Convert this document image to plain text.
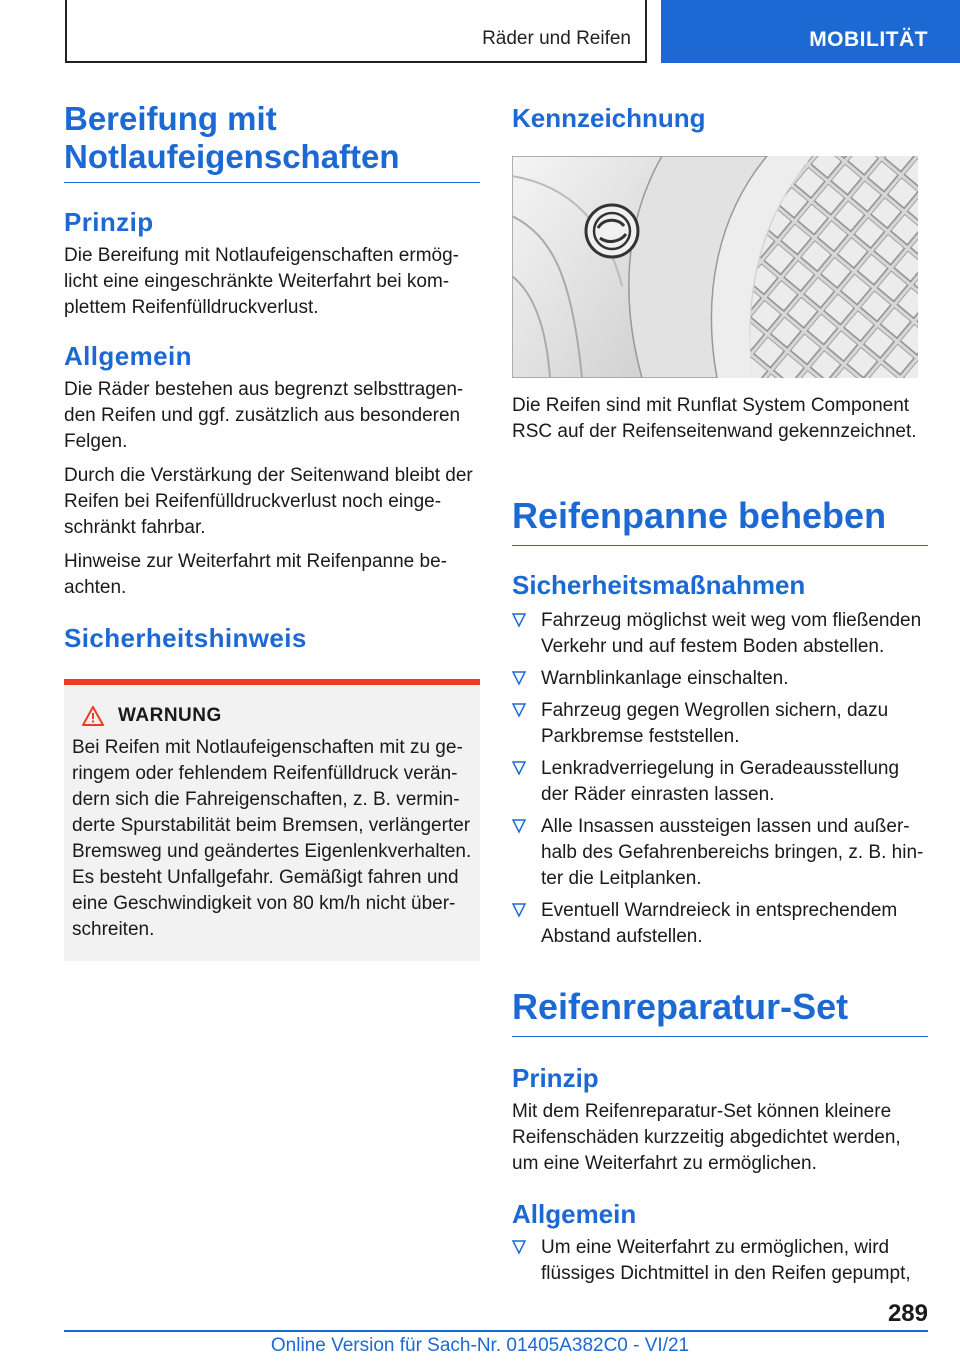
Räder und Reifen	MOBILITÄT
Bereifung mit Notlaufeigenschaften
Prinzip

Die Bereifung mit Notlaufeigenschaften ermöglicht eine eingeschränkte Weiterfahrt bei komplettem Reifenfülldruckverlust.

Allgemein

Die Räder bestehen aus begrenzt selbsttragenden Reifen und ggf. zusätzlich aus besonderen Felgen.

Durch die Verstärkung der Seitenwand bleibt der Reifen bei Reifenfülldruckverlust noch eingeschränkt fahrbar.

Hinweise zur Weiterfahrt mit Reifenpanne beachten.

Sicherheitshinweis
WARNUNG

Bei Reifen mit Notlaufeigenschaften mit zu geringem oder fehlendem Reifenfülldruck verändern sich die Fahreigenschaften, z. B. verminderte Spurstabilität beim Bremsen, verlängerter Bremsweg und geändertes Eigenlenkverhalten. Es besteht Unfallgefahr. Gemäßigt fahren und eine Geschwindigkeit von 80 km/h nicht überschreiten.

Kennzeichnung

Die Reifen sind mit Runflat System Component RSC auf der Reifenseitenwand gekennzeichnet.

Reifenpanne beheben
Sicherheitsmaßnahmen
Fahrzeug möglichst weit weg vom fließenden Verkehr und auf festem Boden abstellen.
Warnblinkanlage einschalten.
Fahrzeug gegen Wegrollen sichern, dazu Parkbremse feststellen.
Lenkradverriegelung in Geradeausstellung der Räder einrasten lassen.
Alle Insassen aussteigen lassen und außerhalb des Gefahrenbereichs bringen, z. B. hinter die Leitplanken.
Eventuell Warndreieck in entsprechendem Abstand aufstellen.
Reifenreparatur-Set
Prinzip

Mit dem Reifenreparatur-Set können kleinere Reifenschäden kurzzeitig abgedichtet werden, um eine Weiterfahrt zu ermöglichen.

Allgemein
Um eine Weiterfahrt zu ermöglichen, wird flüssiges Dichtmittel in den Reifen gepumpt,
289
Online Version für Sach-Nr. 01405A382C0 - VI/21
